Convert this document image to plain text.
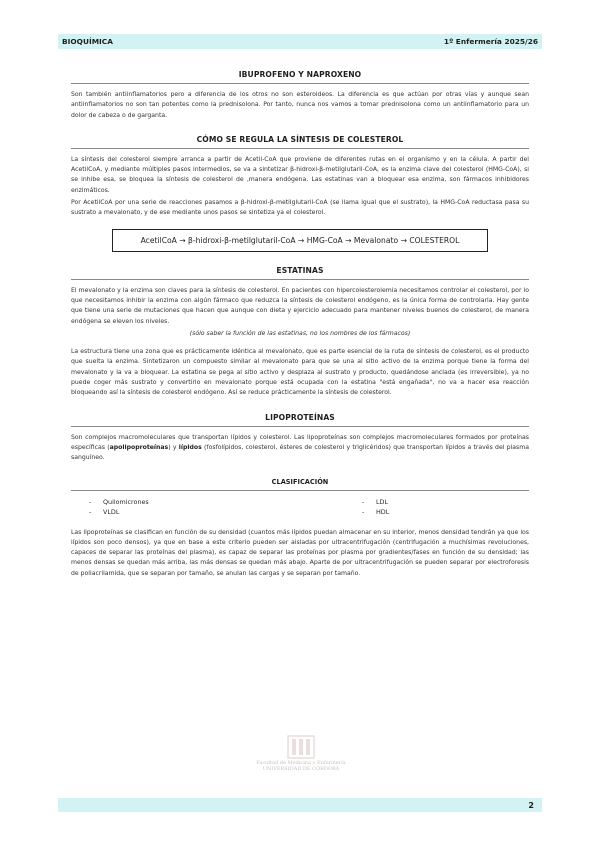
BIOQUÍMICA	1º Enfermería 2025/26
IBUPROFENO Y NAPROXENO

Son también antiinflamatorios pero a diferencia de los otros no son esteroideos. La diferencia es que actúan por otras vías y aunque sean antiinflamatorios no son tan potentes como la prednisolona. Por tanto, nunca nos vamos a tomar prednisolona como un antiinflamatorio para un dolor de cabeza o de garganta.

CÓMO SE REGULA LA SÍNTESIS DE COLESTEROL

La síntesis del colesterol siempre arranca a partir de Acetil-CoA que proviene de diferentes rutas en el organismo y en la célula. A partir del AcetilCoA, y mediante múltiples pasos intermedios, se va a sintetizar β-hidroxi-β-metilglutaril-CoA, es la enzima clave del colesterol (HMG-CoA), si se inhibe esa, se bloquea la síntesis de colesterol de ,manera endógena. Las estatinas van a bloquear esa enzima, son fármacos inhibidores enzimáticos.

Por AcetilCoA por una serie de reacciones pasamos a β-hidroxi-β-metilglutaril-CoA (se llama igual que el sustrato), la HMG-CoA reductasa pasa su sustrato a mevalonato, y de ese mediante unos pasos se sintetiza ya el colesterol.

AcetilCoA → β-hidroxi-β-metilglutaril-CoA → HMG-CoA → Mevalonato → COLESTEROL
ESTATINAS

El mevalonato y la enzima son claves para la síntesis de colesterol. En pacientes con hipercolesterolemia necesitamos controlar el colesterol, por lo que necesitamos inhibir la enzima con algún fármaco que reduzca la síntesis de colesterol endógeno, es la única forma de controlarla. Hay gente que tiene una serie de mutaciones que hacen que aunque con dieta y ejercicio adecuado para mantener niveles buenos de colesterol, de manera endógena se eleven los niveles.

(sólo saber la función de las estatinas, no los nombres de los fármacos)

La estructura tiene una zona que es prácticamente idéntica al mevalonato, que es parte esencial de la ruta de síntesis de colesterol, es el producto que suelta la enzima. Sintetizaron un compuesto similar al mevalonato para que se una al sitio activo de la enzima porque tiene la forma del mevalonato y la va a bloquear. La estatina se pega al sitio activo y desplaza al sustrato y producto, quedándose anclada (es irreversible), ya no puede coger más sustrato y convertirlo en mevalonato porque está ocupada con la estatina "está engañada", no va a hacer esa reacción bloqueando así la síntesis de colesterol endógeno. Así se reduce prácticamente la síntesis de colesterol.

LIPOPROTEÍNAS

Son complejos macromoleculares que transportan lípidos y colesterol. Las lipoproteínas son complejos macromoleculares formados por proteínas específicas (apolipoproteínas) y lípidos (fosfolípidos, colesterol, ésteres de colesterol y triglicéridos) que transportan lípidos a través del plasma sanguíneo.

CLASIFICACIÓN
-	Quilomicrones
-	VLDL
-	LDL
-	HDL

Las lipoproteínas se clasifican en función de su densidad (cuantos más lípidos puedan almacenar en su interior, menos densidad tendrán ya que los lípidos son poco densos), ya que en base a este criterio pueden ser aisladas por ultracentrifugación (centrifugación a muchísimas revoluciones, capaces de separar las proteínas del plasma), es capaz de separar las proteínas por plasma por gradientes/fases en función de su densidad; las menos densas se quedan más arriba, las más densas se quedan más abajo. Aparte de por ultracentrifugación se pueden separar por electroforesis de poliacrilamida, que se separan por tamaño, se anulan las cargas y se separan por tamaño.

Facultad de Medicina y Enfermería
UNIVERSIDAD DE CÓRDOBA
2
